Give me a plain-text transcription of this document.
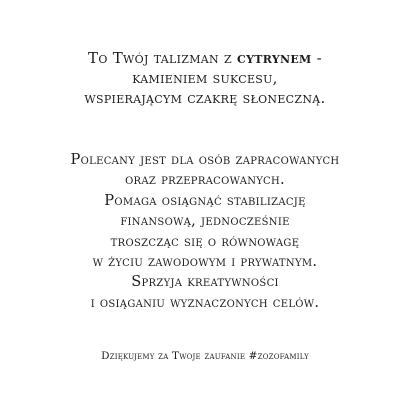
To Twój talizman z cytrynem -
kamieniem sukcesu,
wspierającym czakrę słoneczną.
Polecany jest dla osób zapracowanych
oraz przepracowanych.
Pomaga osiągnąć stabilizację
finansową, jednocześnie
troszcząc się o równowagę
w życiu zawodowym i prywatnym.
Sprzyja kreatywności
i osiąganiu wyznaczonych celów.
Dziękujemy za Twoje zaufanie #zozofamily
